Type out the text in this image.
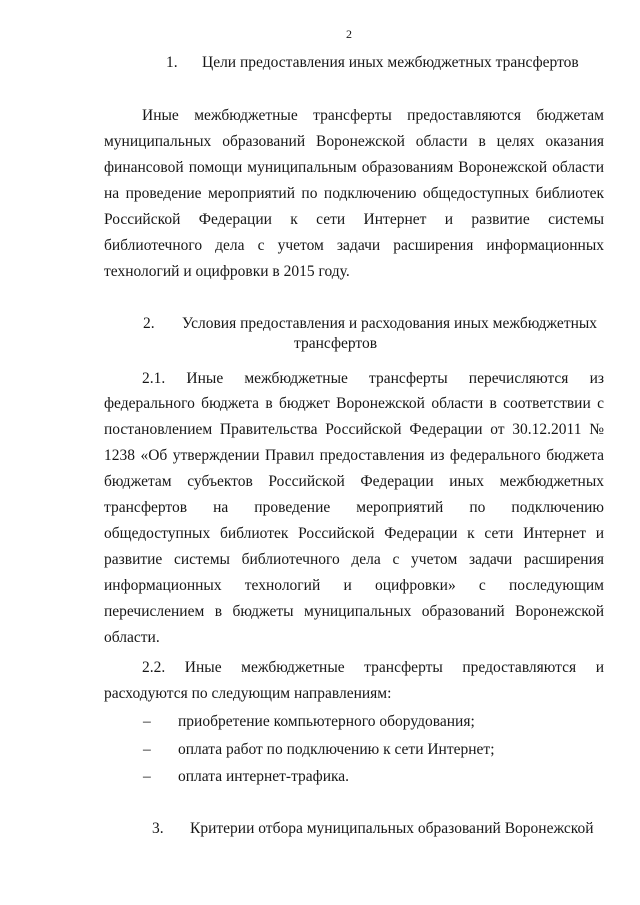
2
1. Цели предоставления иных межбюджетных трансфертов
Иные межбюджетные трансферты предоставляются бюджетам
муниципальных образований Воронежской области в целях оказания
финансовой помощи муниципальным образованиям Воронежской области
на проведение мероприятий по подключению общедоступных библиотек
Российской Федерации к сети Интернет и развитие системы
библиотечного дела с учетом задачи расширения информационных
технологий и оцифровки в 2015 году.
2. Условия предоставления и расходования иных межбюджетных
трансфертов
2.1. Иные межбюджетные трансферты перечисляются из
федерального бюджета в бюджет Воронежской области в соответствии с
постановлением Правительства Российской Федерации от 30.12.2011 №
1238 «Об утверждении Правил предоставления из федерального бюджета
бюджетам субъектов Российской Федерации иных межбюджетных
трансфертов на проведение мероприятий по подключению
общедоступных библиотек Российской Федерации к сети Интернет и
развитие системы библиотечного дела с учетом задачи расширения
информационных технологий и оцифровки» с последующим
перечислением в бюджеты муниципальных образований Воронежской
области.
2.2. Иные межбюджетные трансферты предоставляются и
расходуются по следующим направлениям:
– приобретение компьютерного оборудования;
– оплата работ по подключению к сети Интернет;
– оплата интернет-трафика.
3. Критерии отбора муниципальных образований Воронежской
